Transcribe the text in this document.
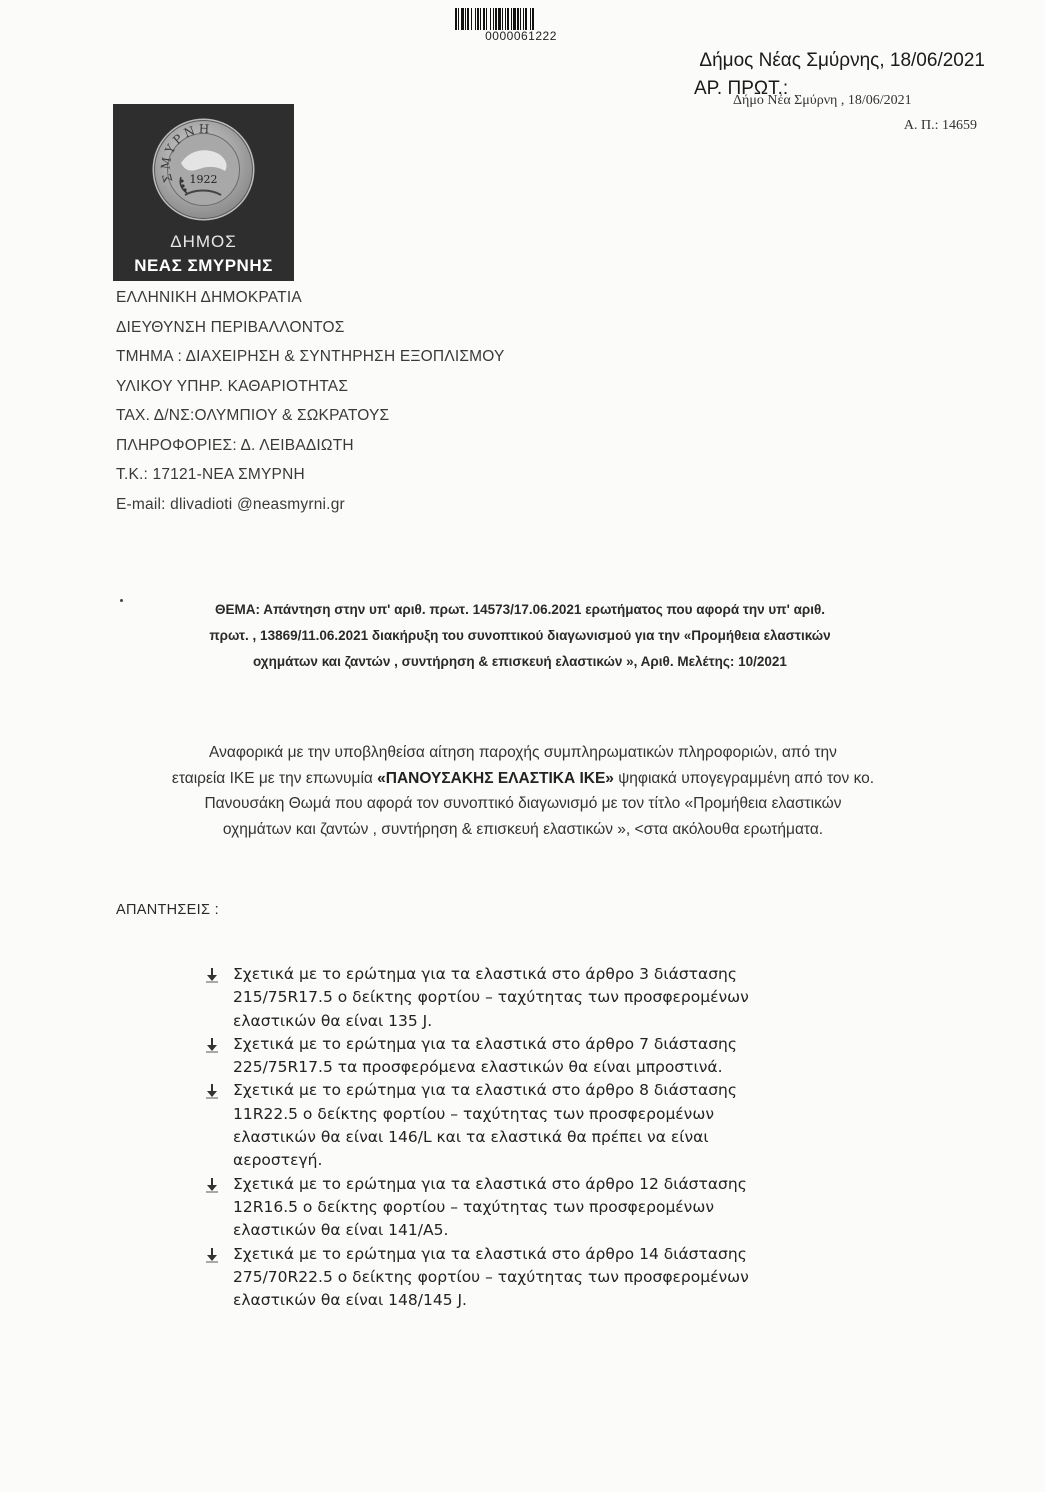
0000061222
Δήμος Νέας Σμύρνης, 18/06/2021
ΑΡ. ΠΡΩΤ.:
Δήμο Νέα Σμύρνη , 18/06/2021
Α. Π.: 14659
ΣΜΥΡΝΗ
1922
ΔΗΜΟΣ
ΝΕΑΣ ΣΜΥΡΝΗΣ
ΕΛΛΗΝΙΚΗ ΔΗΜΟΚΡΑΤΙΑ
ΔΙΕΥΘΥΝΣΗ ΠΕΡΙΒΑΛΛΟΝΤΟΣ
ΤΜΗΜΑ : ΔΙΑΧΕΙΡΗΣΗ & ΣΥΝΤΗΡΗΣΗ ΕΞΟΠΛΙΣΜΟΥ
ΥΛΙΚΟΥ ΥΠΗΡ. ΚΑΘΑΡΙΟΤΗΤΑΣ
ΤΑΧ. Δ/ΝΣ:ΟΛΥΜΠΙΟΥ & ΣΩΚΡΑΤΟΥΣ
ΠΛΗΡΟΦΟΡΙΕΣ: Δ. ΛΕΙΒΑΔΙΩΤΗ
Τ.Κ.: 17121-ΝΕΑ ΣΜΥΡΝΗ
E-mail: dlivadioti @neasmyrni.gr
ΘΕΜΑ: Απάντηση στην υπ' αριθ. πρωτ. 14573/17.06.2021 ερωτήματος που αφορά την υπ' αριθ.
πρωτ. , 13869/11.06.2021 διακήρυξη του συνοπτικού διαγωνισμού για την «Προμήθεια ελαστικών
οχημάτων και ζαντών , συντήρηση & επισκευή ελαστικών », Αριθ. Μελέτης: 10/2021
Αναφορικά με την υποβληθείσα αίτηση παροχής συμπληρωματικών πληροφοριών, από την
εταιρεία ΙΚΕ με την επωνυμία «ΠΑΝΟΥΣΑΚΗΣ ΕΛΑΣΤΙΚΑ ΙΚΕ» ψηφιακά υπογεγραμμένη από τον κο.
Πανουσάκη Θωμά που αφορά τον συνοπτικό διαγωνισμό με τον τίτλο «Προμήθεια ελαστικών
οχημάτων και ζαντών , συντήρηση & επισκευή ελαστικών », <στα ακόλουθα ερωτήματα.
ΑΠΑΝΤΗΣΕΙΣ :
Σχετικά με το ερώτημα για τα ελαστικά στο άρθρο 3 διάστασης
215/75R17.5 ο δείκτης φορτίου – ταχύτητας των προσφερομένων
ελαστικών θα είναι 135 J.
Σχετικά με το ερώτημα για τα ελαστικά στο άρθρο 7 διάστασης
225/75R17.5 τα προσφερόμενα ελαστικών θα είναι μπροστινά.
Σχετικά με το ερώτημα για τα ελαστικά στο άρθρο 8 διάστασης
11R22.5 ο δείκτης φορτίου – ταχύτητας των προσφερομένων
ελαστικών θα είναι 146/L και τα ελαστικά θα πρέπει να είναι
αεροστεγή.
Σχετικά με το ερώτημα για τα ελαστικά στο άρθρο 12 διάστασης
12R16.5 ο δείκτης φορτίου – ταχύτητας των προσφερομένων
ελαστικών θα είναι 141/Α5.
Σχετικά με το ερώτημα για τα ελαστικά στο άρθρο 14 διάστασης
275/70R22.5 ο δείκτης φορτίου – ταχύτητας των προσφερομένων
ελαστικών θα είναι 148/145 J.
